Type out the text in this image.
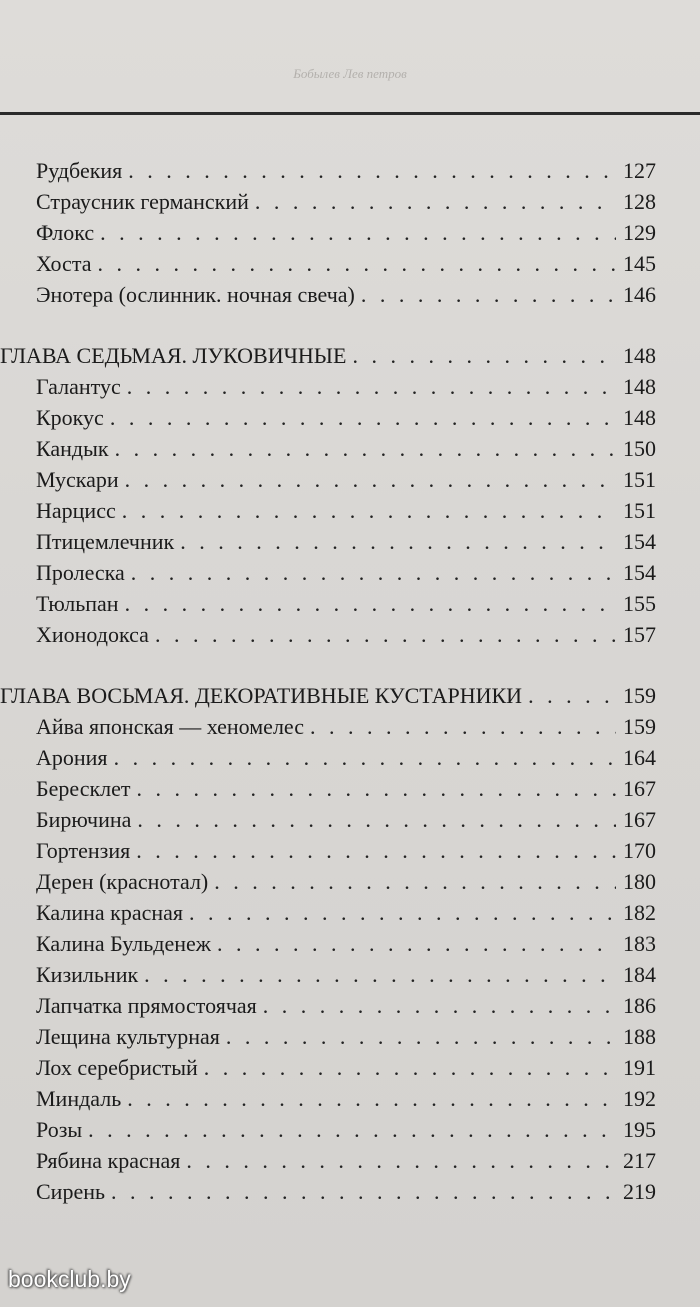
Бобылев Лев петров
Рудбекия . . .	127
Страусник германский . . .	128
Флокс . . .	129
Хоста . . .	145
Энотера (ослинник. ночная свеча) . . .	146
ГЛАВА СЕДЬМАЯ. ЛУКОВИЧНЫЕ . . .	148
Галантус . . .	148
Крокус . . .	148
Кандык . . .	150
Мускари . . .	151
Нарцисс . . .	151
Птицемлечник . . .	154
Пролеска . . .	154
Тюльпан . . .	155
Хионодокса . . .	157
ГЛАВА ВОСЬМАЯ. ДЕКОРАТИВНЫЕ КУСТАРНИКИ . . .	159
Айва японская — хеномелес . . .	159
Арония . . .	164
Бересклет . . .	167
Бирючина . . .	167
Гортензия . . .	170
Дерен (краснотал) . . .	180
Калина красная . . .	182
Калина Бульденеж . . .	183
Кизильник . . .	184
Лапчатка прямостоячая . . .	186
Лещина культурная . . .	188
Лох серебристый . . .	191
Миндаль . . .	192
Розы . . .	195
Рябина красная . . .	217
Сирень . . .	219
bookclub.by
